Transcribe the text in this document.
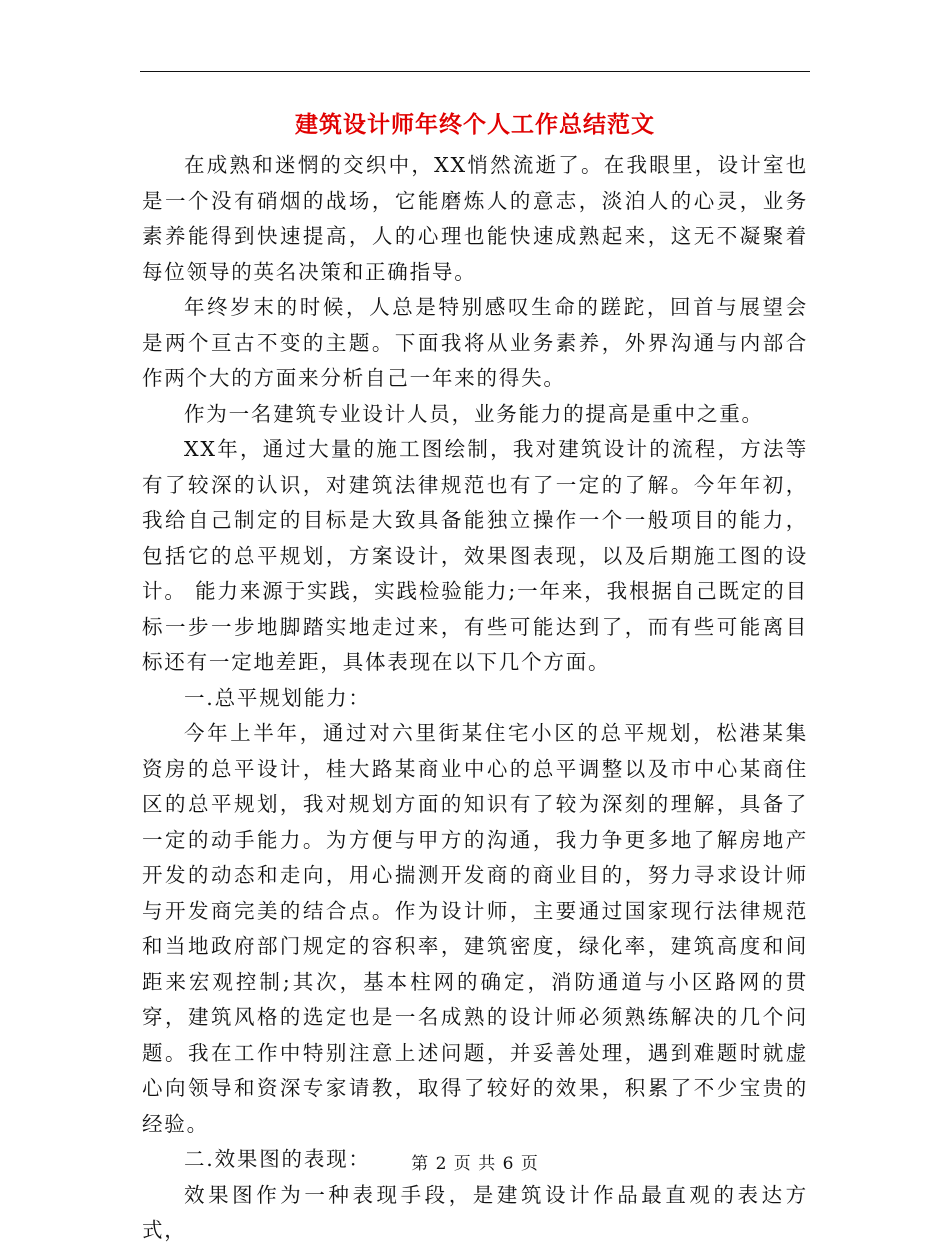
建筑设计师年终个人工作总结范文

在成熟和迷惘的交织中，XX悄然流逝了。在我眼里，设计室也是一个没有硝烟的战场，它能磨炼人的意志，淡泊人的心灵，业务素养能得到快速提高，人的心理也能快速成熟起来，这无不凝聚着每位领导的英名决策和正确指导。

年终岁末的时候，人总是特别感叹生命的蹉跎，回首与展望会是两个亘古不变的主题。下面我将从业务素养，外界沟通与内部合作两个大的方面来分析自己一年来的得失。

作为一名建筑专业设计人员，业务能力的提高是重中之重。

XX年，通过大量的施工图绘制，我对建筑设计的流程，方法等有了较深的认识，对建筑法律规范也有了一定的了解。今年年初，我给自己制定的目标是大致具备能独立操作一个一般项目的能力，包括它的总平规划，方案设计，效果图表现，以及后期施工图的设计。 能力来源于实践，实践检验能力;一年来，我根据自己既定的目标一步一步地脚踏实地走过来，有些可能达到了，而有些可能离目标还有一定地差距，具体表现在以下几个方面。

一.总平规划能力：

今年上半年，通过对六里街某住宅小区的总平规划，松港某集资房的总平设计，桂大路某商业中心的总平调整以及市中心某商住区的总平规划，我对规划方面的知识有了较为深刻的理解，具备了一定的动手能力。为方便与甲方的沟通，我力争更多地了解房地产开发的动态和走向，用心揣测开发商的商业目的，努力寻求设计师与开发商完美的结合点。作为设计师，主要通过国家现行法律规范和当地政府部门规定的容积率，建筑密度，绿化率，建筑高度和间距来宏观控制;其次，基本柱网的确定，消防通道与小区路网的贯穿，建筑风格的选定也是一名成熟的设计师必须熟练解决的几个问题。我在工作中特别注意上述问题，并妥善处理，遇到难题时就虚心向领导和资深专家请教，取得了较好的效果，积累了不少宝贵的经验。

二.效果图的表现：

效果图作为一种表现手段，是建筑设计作品最直观的表达方式，

第 2 页 共 6 页
